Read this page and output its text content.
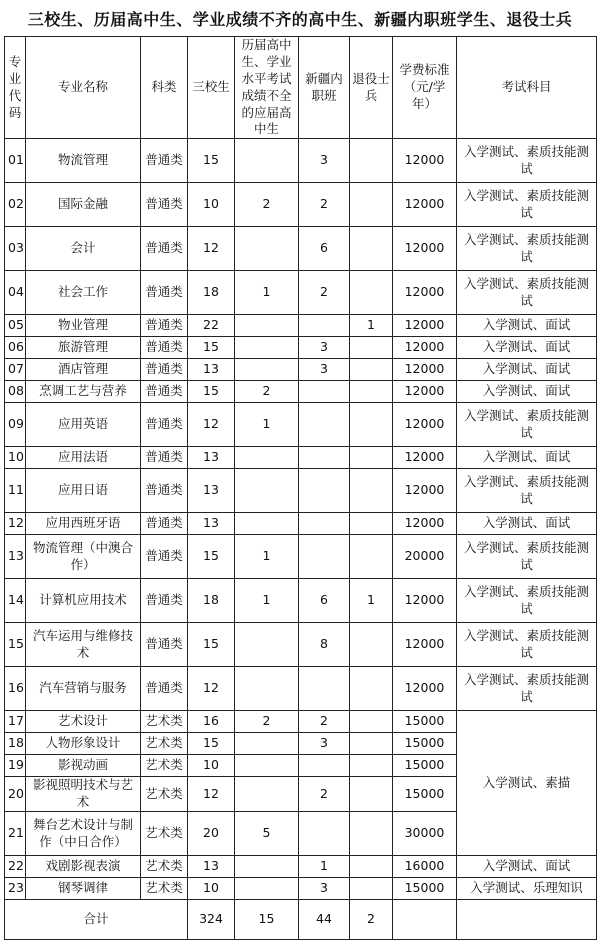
三校生、历届高中生、学业成绩不齐的高中生、新疆内职班学生、退役士兵
专业代码	专业名称	科类	三校生	历届高中生、学业水平考试成绩不全的应届高中生	新疆内职班	退役士兵	学费标准（元/学年）	考试科目
01	物流管理	普通类	15		3		12000	入学测试、素质技能测试
02	国际金融	普通类	10	2	2		12000	入学测试、素质技能测试
03	会计	普通类	12		6		12000	入学测试、素质技能测试
04	社会工作	普通类	18	1	2		12000	入学测试、素质技能测试
05	物业管理	普通类	22			1	12000	入学测试、面试
06	旅游管理	普通类	15		3		12000	入学测试、面试
07	酒店管理	普通类	13		3		12000	入学测试、面试
08	烹调工艺与营养	普通类	15	2			12000	入学测试、面试
09	应用英语	普通类	12	1			12000	入学测试、素质技能测试
10	应用法语	普通类	13				12000	入学测试、面试
11	应用日语	普通类	13				12000	入学测试、素质技能测试
12	应用西班牙语	普通类	13				12000	入学测试、面试
13	物流管理（中澳合作）	普通类	15	1			20000	入学测试、素质技能测试
14	计算机应用技术	普通类	18	1	6	1	12000	入学测试、素质技能测试
15	汽车运用与维修技术	普通类	15		8		12000	入学测试、素质技能测试
16	汽车营销与服务	普通类	12				12000	入学测试、素质技能测试
17	艺术设计	艺术类	16	2	2		15000	入学测试、素描
18	人物形象设计	艺术类	15		3		15000	
19	影视动画	艺术类	10				15000	
20	影视照明技术与艺术	艺术类	12		2		15000	
21	舞台艺术设计与制作（中日合作）	艺术类	20	5			30000	
22	戏剧影视表演	艺术类	13		1		16000	入学测试、面试
23	钢琴调律	艺术类	10		3		15000	入学测试、乐理知识
合计			324	15	44	2		
